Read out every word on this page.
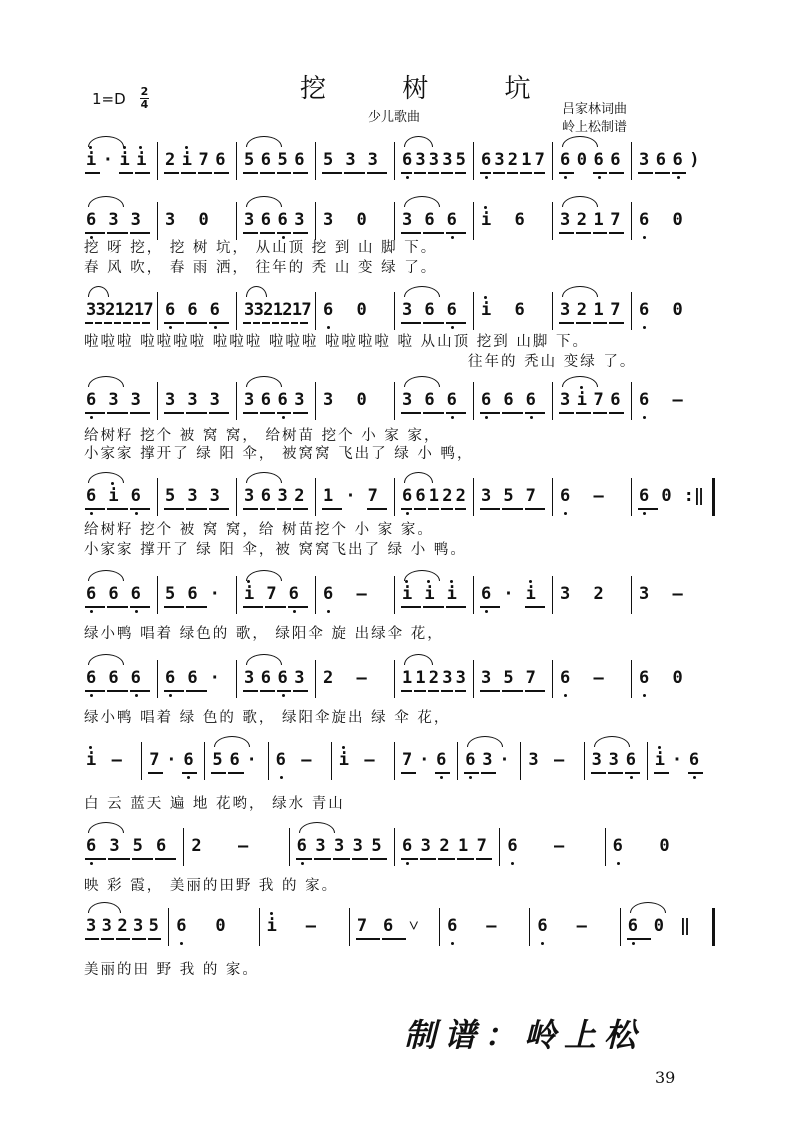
挖 树 坑
1=D 2
4
少儿歌曲
吕家林词曲
岭上松制谱
i · i i 2 i 7 6 5 6 5 6 5 3 3 6 3 3 3 5 6 3 2 1 7 6 0 6 6 3 6 6 )
6 3 3 3 0 3 6 6 3 3 0 3 6 6 i 6 3 2 1 7 6 0
3 3 2 1 2 1 7 6 6 6 3 3 2 1 2 1 7 6 0 3 6 6 i 6 3 2 1 7 6 0
6 3 3 3 3 3 3 6 6 3 3 0 3 6 6 6 6 6 3 i 7 6 6 –
6 i 6 5 3 3 3 6 3 2 1 · 7 6 6 1 2 2 3 5 7 6 – 6 0 :‖
6 6 6 5 6 · i 7 6 6 – i i i 6 · i 3 2 3 –
6 6 6 6 6 · 3 6 6 3 2 – 1 1 2 3 3 3 5 7 6 – 6 0
i – 7 · 6 5 6 · 6 – i – 7 · 6 6 3 · 3 – 3 3 6 i · 6
6 3 5 6 2 –	6 3 3 3 5 6 3 2 1 7 6 –	6 0
3 3 2 3 5 6 0 i – 7 6 ˅ 6 – 6 – 6 0 ‖
制谱：岭上松
39
挖 呀 挖， 挖 树 坑， 从山顶 挖 到 山 脚 下。
春 风 吹， 春 雨 洒， 往年的 秃 山 变 绿 了。
啦啦啦 啦啦啦啦 啦啦啦 啦啦啦 啦啦啦啦 啦 从山顶 挖到 山脚 下。
往年的 秃山 变绿 了。
给树籽 挖个 被 窝 窝， 给树苗 挖个 小 家 家，
小家家 撑开了 绿 阳 伞， 被窝窝 飞出了 绿 小 鸭，
给树籽 挖个 被 窝 窝，给 树苗挖个 小 家 家。
小家家 撑开了 绿 阳 伞，被 窝窝飞出了 绿 小 鸭。
绿小鸭 唱着 绿色的 歌， 绿阳伞 旋 出绿伞 花，
绿小鸭 唱着 绿 色的 歌， 绿阳伞旋出 绿 伞 花，
白 云 蓝天 遍 地 花哟， 绿水 青山
映 彩 霞， 美丽的田野 我 的 家。
美丽的田 野 我 的 家。
